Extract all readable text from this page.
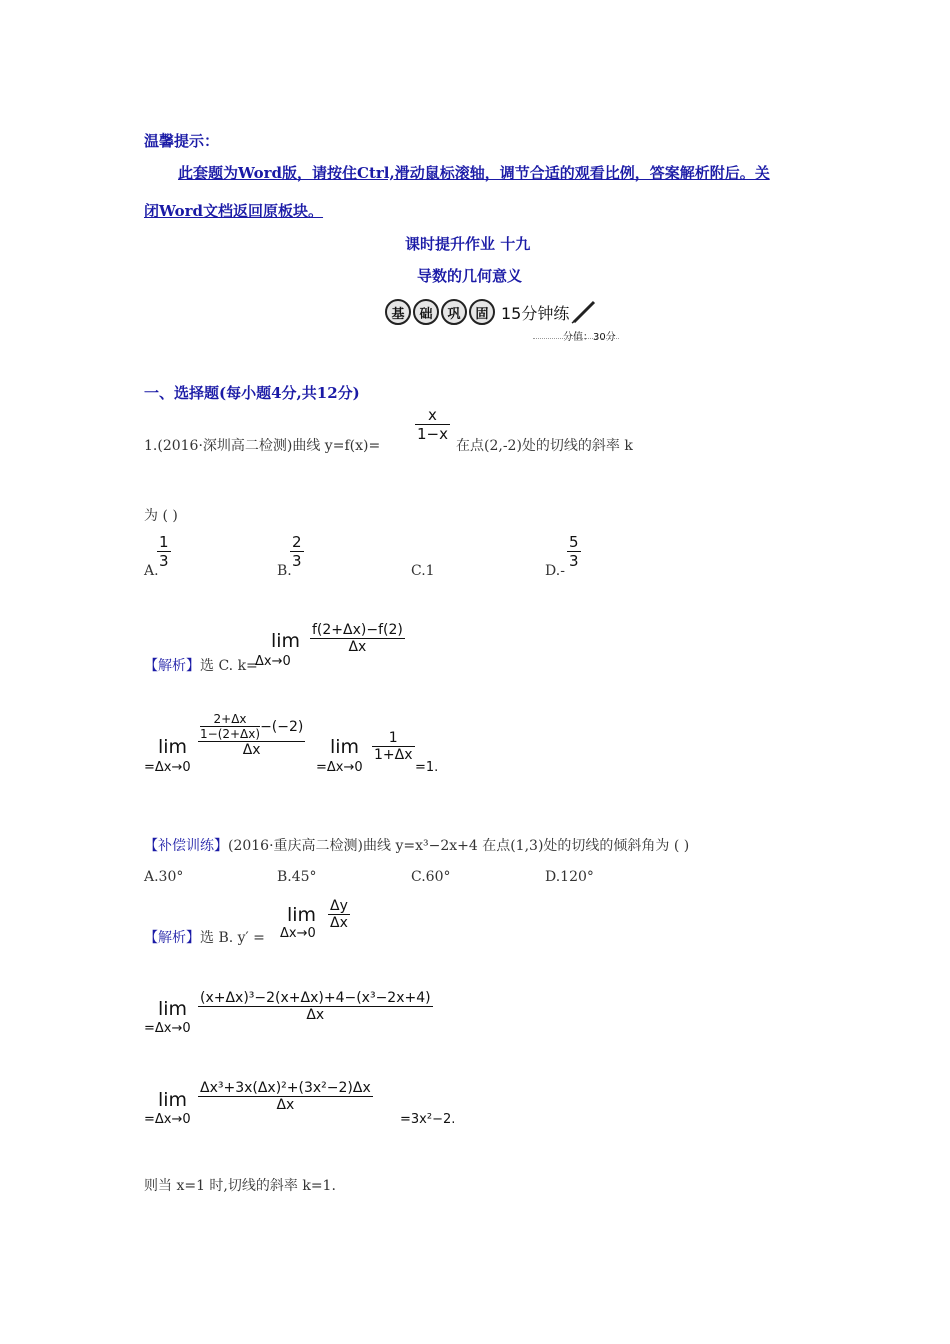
温馨提示：
此套题为Word版，请按住Ctrl,滑动鼠标滚轴，调节合适的观看比例，答案解析附后。关
闭Word文档返回原板块。
课时提升作业 十九
导数的几何意义
基	础	巩	固 15分钟练
分值：30分
一、选择题(每小题4分,共12分)
1.(2016·深圳高二检测)曲线 y=f(x)=
x
1−x
在点(2,-2)处的切线的斜率 k
为 ( )
A.
1
3
B.
2
3
C.1	D.-
5
3
【解析】选 C. k=
lim
Δx→0
f(2+Δx)−f(2)
Δx
lim
=Δx→0
2+Δx
1−(2+Δx) −(−2)
Δx	lim
=Δx→0
1
1+Δx
=1.
【补偿训练】(2016·重庆高二检测)曲线 y=x³−2x+4 在点(1,3)处的切线的倾斜角为 ( )
A.30°	B.45°	C.60°	D.120°
【解析】选 B. y′ =
lim
Δx→0
Δy
Δx
lim
=Δx→0
(x+Δx)³−2(x+Δx)+4−(x³−2x+4)
Δx
lim
=Δx→0
Δx³+3x(Δx)²+(3x²−2)Δx
Δx
=3x²−2.
则当 x=1 时,切线的斜率 k=1.
